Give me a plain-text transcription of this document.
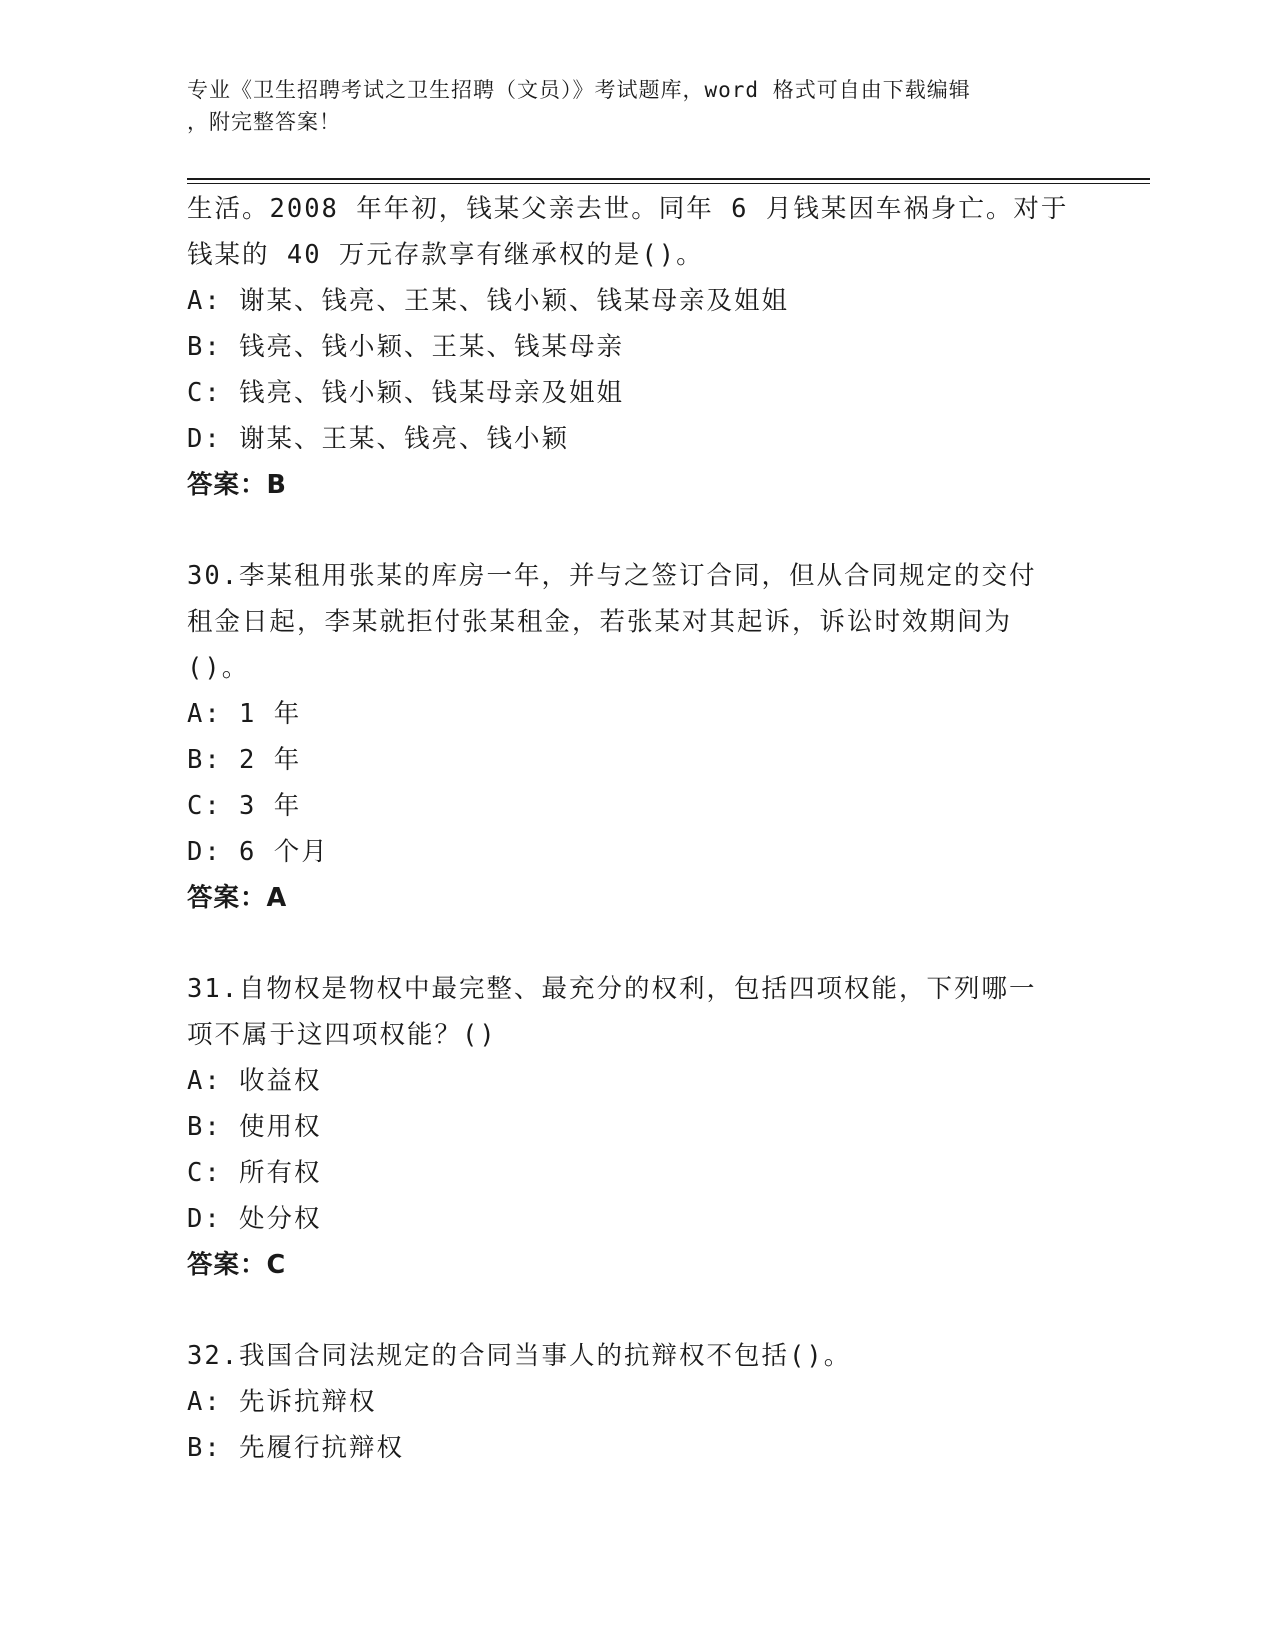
专业《卫生招聘考试之卫生招聘（文员）》考试题库，word 格式可自由下载编辑
，附完整答案！
生活。2008 年年初，钱某父亲去世。同年 6 月钱某因车祸身亡。对于
钱某的 40 万元存款享有继承权的是()。
A: 谢某、钱亮、王某、钱小颖、钱某母亲及姐姐
B: 钱亮、钱小颖、王某、钱某母亲
C: 钱亮、钱小颖、钱某母亲及姐姐
D: 谢某、王某、钱亮、钱小颖
答案：B
30.李某租用张某的库房一年，并与之签订合同，但从合同规定的交付
租金日起，李某就拒付张某租金，若张某对其起诉，诉讼时效期间为
()。
A: 1 年
B: 2 年
C: 3 年
D: 6 个月
答案：A
31.自物权是物权中最完整、最充分的权利，包括四项权能，下列哪一
项不属于这四项权能？()
A: 收益权
B: 使用权
C: 所有权
D: 处分权
答案：C
32.我国合同法规定的合同当事人的抗辩权不包括()。
A: 先诉抗辩权
B: 先履行抗辩权
